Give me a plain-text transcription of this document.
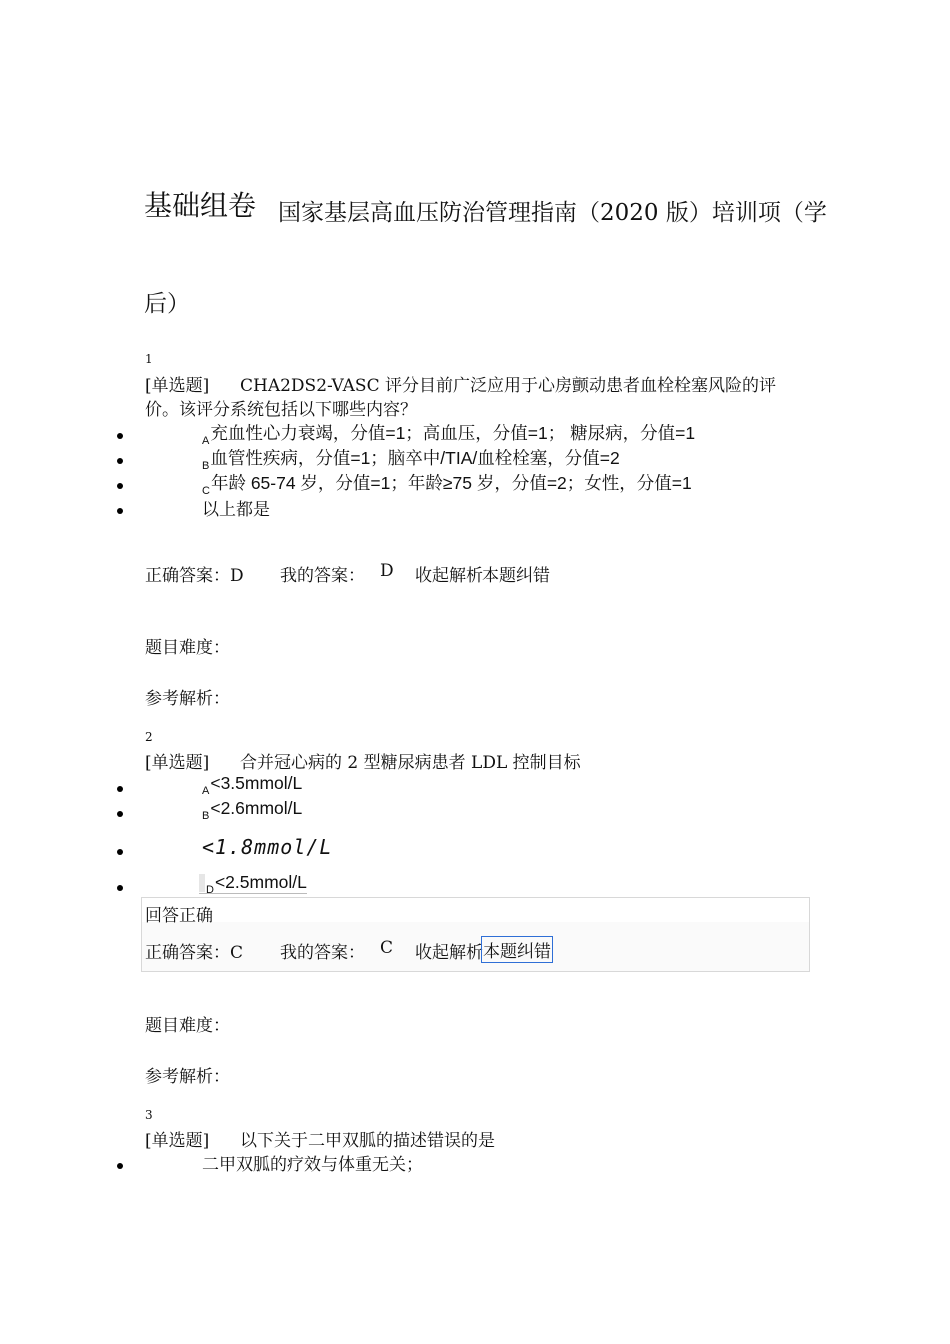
基础组卷 国家基层高血压防治管理指南（2020 版）培训项（学
后）
1
[单选题] CHA2DS2-VASC 评分目前广泛应用于心房颤动患者血栓栓塞风险的评
价。该评分系统包括以下哪些内容？
$_A$充血性心力衰竭，分值=1；高血压，分值=1； 糖尿病，分值=1
$_B$血管性疾病，分值=1；脑卒中/TIA/血栓栓塞，分值=2
$_C$年龄 65-74 岁，分值=1；年龄≥75 岁，分值=2；女性，分值=1
以上都是
正确答案：D 我的答案： D 收起解析 本题纠错
题目难度：
参考解析：
2
[单选题] 合并冠心病的 2 型糖尿病患者 LDL 控制目标
$_A$<3.5mmol/L
$_B$<2.6mmol/L
<1.8mmol/L
$_D$<2.5mmol/L
回答正确
正确答案：C 我的答案： C 收起解析 本题纠错
题目难度：
参考解析：
3
[单选题] 以下关于二甲双胍的描述错误的是
二甲双胍的疗效与体重无关；
